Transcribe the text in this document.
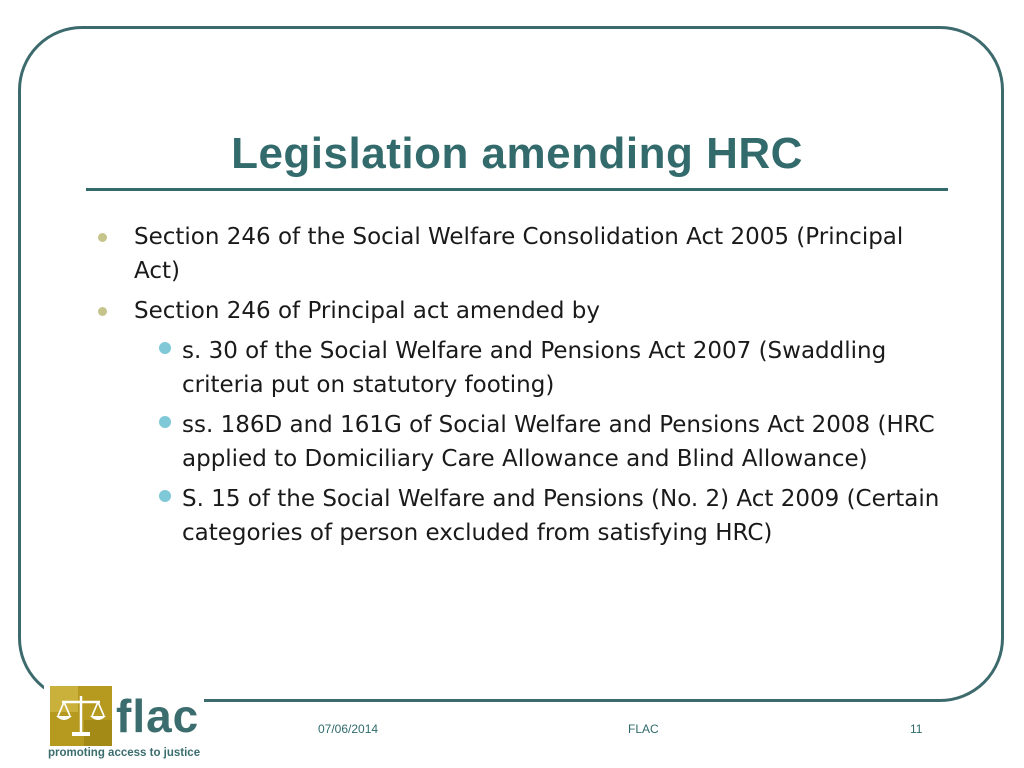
Legislation amending HRC
Section 246 of the Social Welfare Consolidation Act 2005 (Principal Act)
Section 246 of Principal act amended by
s. 30 of the Social Welfare and Pensions Act 2007 (Swaddling criteria put on statutory footing)
ss. 186D and 161G of Social Welfare and Pensions Act 2008 (HRC applied to Domiciliary Care Allowance and Blind Allowance)
S. 15 of the Social Welfare and Pensions (No. 2) Act 2009 (Certain categories of person excluded from satisfying HRC)
flac
promoting access to justice
07/06/2014	FLAC	11
